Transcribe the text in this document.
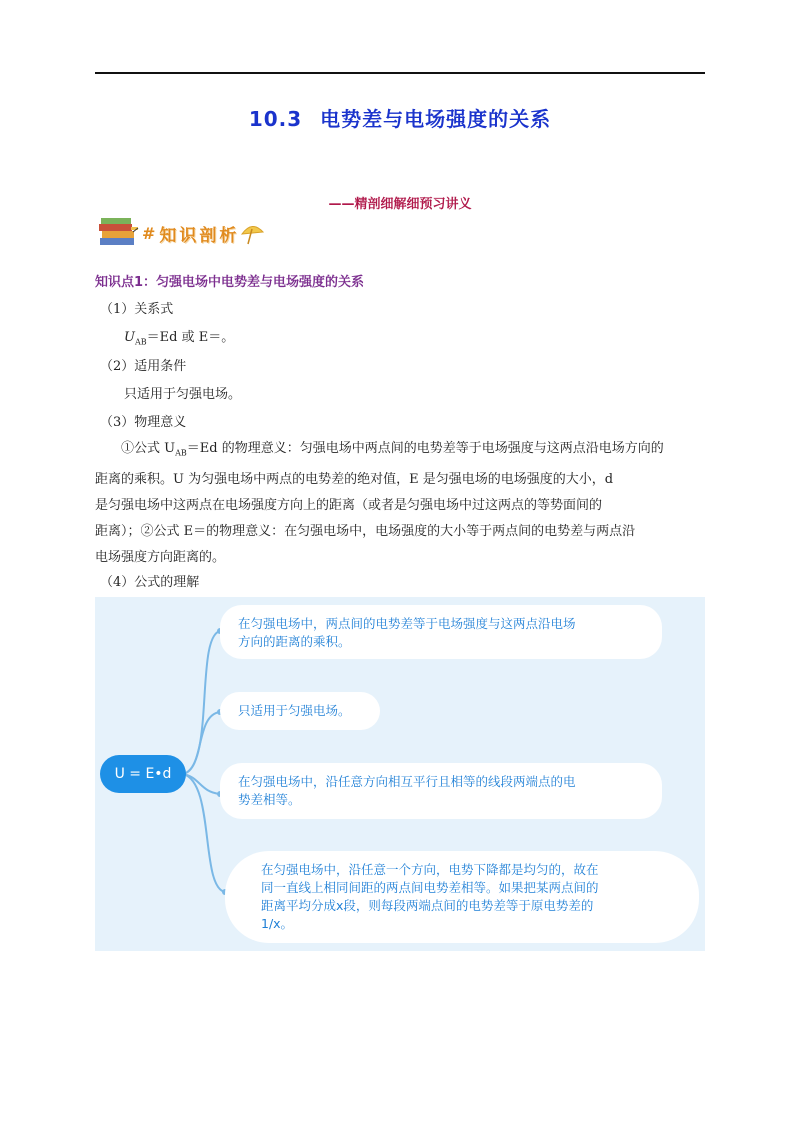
10.3 电势差与电场强度的关系
——精剖细解细预习讲义
# 知识剖析
知识点1：匀强电场中电势差与电场强度的关系
（1）关系式
$U_{AB}=Ed$ 或 E＝。
（2）适用条件
只适用于匀强电场。
（3）物理意义
①公式 $U_{AB}=Ed$ 的物理意义：匀强电场中两点间的电势差等于电场强度与这两点沿电场方向的
距离的乘积。U 为匀强电场中两点的电势差的绝对值，E 是匀强电场的电场强度的大小，d
是匀强电场中这两点在电场强度方向上的距离（或者是匀强电场中过这两点的等势面间的
距离）；②公式 E＝的物理意义：在匀强电场中，电场强度的大小等于两点间的电势差与两点沿
电场强度方向距离的。
（4）公式的理解
U = E•d
在匀强电场中，两点间的电势差等于电场强度与这两点沿电场
方向的距离的乘积。
只适用于匀强电场。
在匀强电场中，沿任意方向相互平行且相等的线段两端点的电
势差相等。
在匀强电场中，沿任意一个方向，电势下降都是均匀的，故在
同一直线上相同间距的两点间电势差相等。如果把某两点间的
距离平均分成x段，则每段两端点间的电势差等于原电势差的
1/x。
